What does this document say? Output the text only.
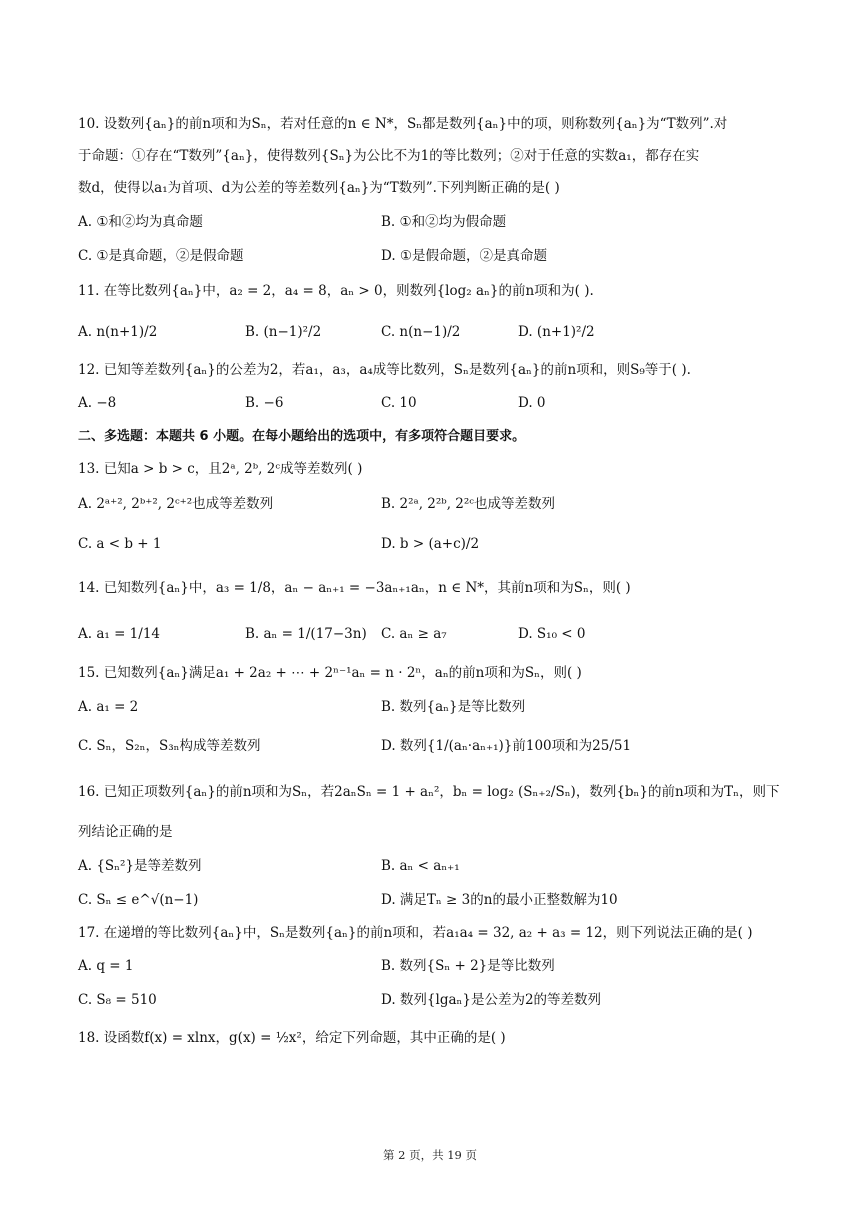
10. 设数列{aₙ}的前n项和为Sₙ，若对任意的n ∈ N*，Sₙ都是数列{aₙ}中的项，则称数列{aₙ}为“T数列”.对
于命题：①存在“T数列”{aₙ}，使得数列{Sₙ}为公比不为1的等比数列；②对于任意的实数a₁，都存在实
数d，使得以a₁为首项、d为公差的等差数列{aₙ}为“T数列”.下列判断正确的是( )
A. ①和②均为真命题	B. ①和②均为假命题
C. ①是真命题，②是假命题	D. ①是假命题，②是真命题
11. 在等比数列{aₙ}中，a₂ = 2，a₄ = 8，aₙ > 0，则数列{log₂ aₙ}的前n项和为( ).
A. n(n+1)/2	B. (n−1)²/2	C. n(n−1)/2	D. (n+1)²/2
12. 已知等差数列{aₙ}的公差为2，若a₁，a₃，a₄成等比数列，Sₙ是数列{aₙ}的前n项和，则S₉等于( ).
A. −8	B. −6	C. 10	D. 0
二、多选题：本题共 6 小题。在每小题给出的选项中，有多项符合题目要求。
13. 已知a > b > c，且2ᵃ, 2ᵇ, 2ᶜ成等差数列( )
A. 2ᵃ⁺², 2ᵇ⁺², 2ᶜ⁺²也成等差数列	B. 2²ᵃ, 2²ᵇ, 2²ᶜ也成等差数列
C. a < b + 1	D. b > (a+c)/2
14. 已知数列{aₙ}中，a₃ = 1/8，aₙ − aₙ₊₁ = −3aₙ₊₁aₙ，n ∈ N*，其前n项和为Sₙ，则( )
A. a₁ = 1/14	B. aₙ = 1/(17−3n) C. aₙ ≥ a₇	D. S₁₀ < 0
15. 已知数列{aₙ}满足a₁ + 2a₂ + ⋯ + 2ⁿ⁻¹aₙ = n · 2ⁿ，aₙ的前n项和为Sₙ，则( )
A. a₁ = 2	B. 数列{aₙ}是等比数列
C. Sₙ，S₂ₙ，S₃ₙ构成等差数列	D. 数列{1/(aₙ·aₙ₊₁)}前100项和为25/51
16. 已知正项数列{aₙ}的前n项和为Sₙ，若2aₙSₙ = 1 + aₙ²，bₙ = log₂ (Sₙ₊₂/Sₙ)，数列{bₙ}的前n项和为Tₙ，则下
列结论正确的是
A. {Sₙ²}是等差数列	B. aₙ < aₙ₊₁
C. Sₙ ≤ e^√(n−1)	D. 满足Tₙ ≥ 3的n的最小正整数解为10
17. 在递增的等比数列{aₙ}中，Sₙ是数列{aₙ}的前n项和，若a₁a₄ = 32, a₂ + a₃ = 12，则下列说法正确的是( )
A. q = 1	B. 数列{Sₙ + 2}是等比数列
C. S₈ = 510	D. 数列{lgaₙ}是公差为2的等差数列
18. 设函数f(x) = xlnx，g(x) = ½x²，给定下列命题，其中正确的是( )
第 2 页，共 19 页
